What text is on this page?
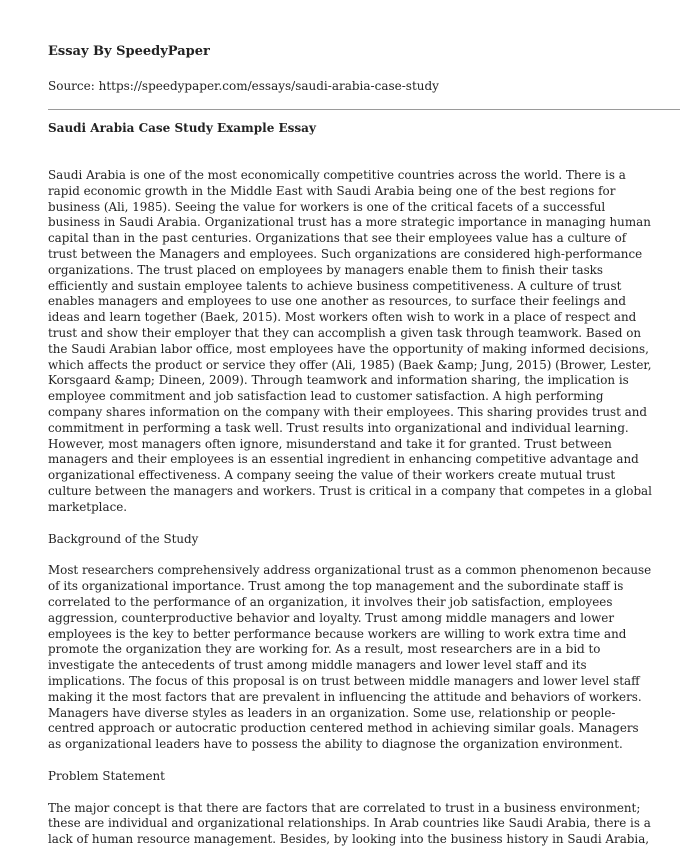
Essay By SpeedyPaper

Source: https://speedypaper.com/essays/saudi-arabia-case-study

Saudi Arabia Case Study Example Essay

Saudi Arabia is one of the most economically competitive countries across the world. There is a rapid economic growth in the Middle East with Saudi Arabia being one of the best regions for business (Ali, 1985). Seeing the value for workers is one of the critical facets of a successful business in Saudi Arabia. Organizational trust has a more strategic importance in managing human capital than in the past centuries. Organizations that see their employees value has a culture of trust between the Managers and employees. Such organizations are considered high-performance organizations. The trust placed on employees by managers enable them to finish their tasks efficiently and sustain employee talents to achieve business competitiveness. A culture of trust enables managers and employees to use one another as resources, to surface their feelings and ideas and learn together (Baek, 2015). Most workers often wish to work in a place of respect and trust and show their employer that they can accomplish a given task through teamwork. Based on the Saudi Arabian labor office, most employees have the opportunity of making informed decisions, which affects the product or service they offer (Ali, 1985) (Baek &amp; Jung, 2015) (Brower, Lester, Korsgaard &amp; Dineen, 2009). Through teamwork and information sharing, the implication is employee commitment and job satisfaction lead to customer satisfaction. A high performing company shares information on the company with their employees. This sharing provides trust and commitment in performing a task well. Trust results into organizational and individual learning. However, most managers often ignore, misunderstand and take it for granted. Trust between managers and their employees is an essential ingredient in enhancing competitive advantage and organizational effectiveness. A company seeing the value of their workers create mutual trust culture between the managers and workers. Trust is critical in a company that competes in a global marketplace.

Background of the Study

Most researchers comprehensively address organizational trust as a common phenomenon because of its organizational importance. Trust among the top management and the subordinate staff is correlated to the performance of an organization, it involves their job satisfaction, employees aggression, counterproductive behavior and loyalty. Trust among middle managers and lower employees is the key to better performance because workers are willing to work extra time and promote the organization they are working for. As a result, most researchers are in a bid to investigate the antecedents of trust among middle managers and lower level staff and its implications. The focus of this proposal is on trust between middle managers and lower level staff making it the most factors that are prevalent in influencing the attitude and behaviors of workers. Managers have diverse styles as leaders in an organization. Some use, relationship or people-centred approach or autocratic production centered method in achieving similar goals. Managers as organizational leaders have to possess the ability to diagnose the organization environment.

Problem Statement

The major concept is that there are factors that are correlated to trust in a business environment; these are individual and organizational relationships. In Arab countries like Saudi Arabia, there is a lack of human resource management. Besides, by looking into the business history in Saudi Arabia,
